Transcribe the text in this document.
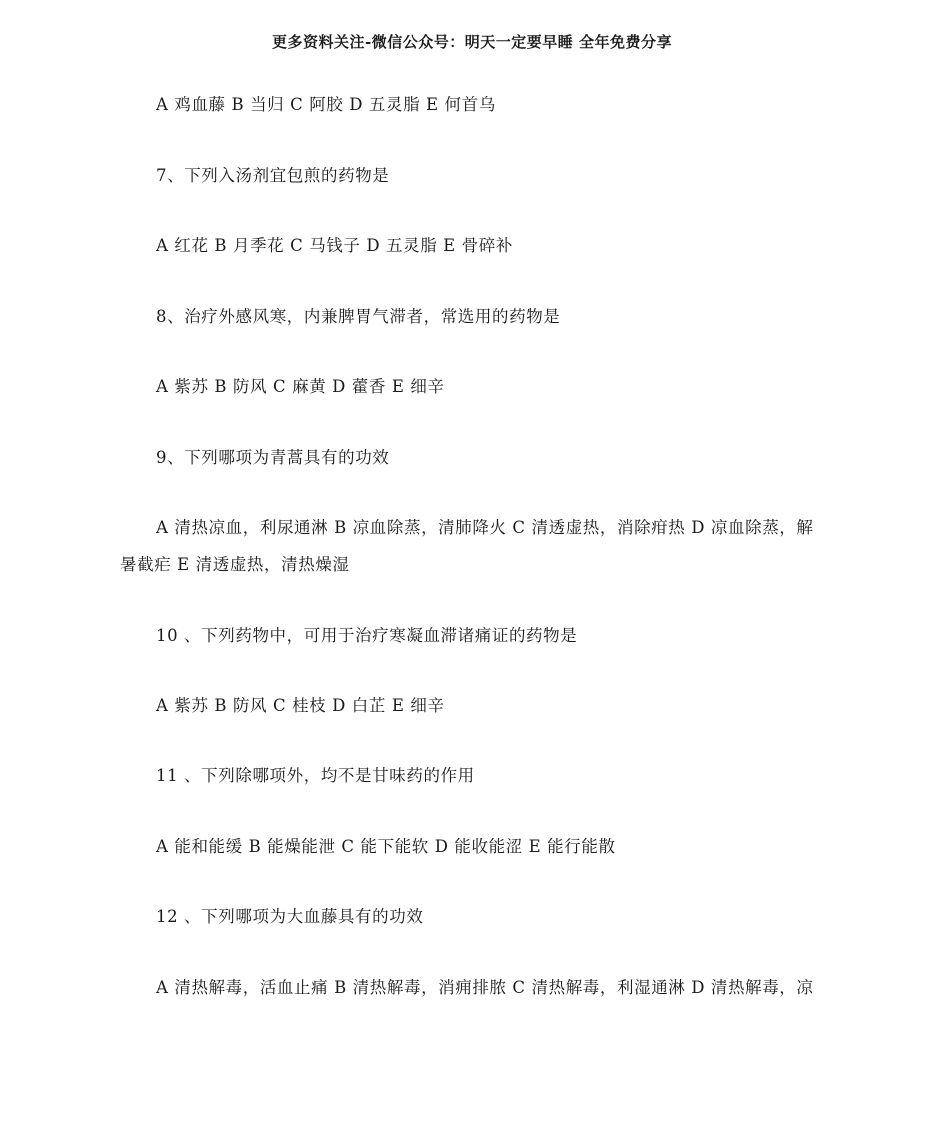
更多资料关注-微信公众号：明天一定要早睡 全年免费分享
A 鸡血藤 B 当归 C 阿胶 D 五灵脂 E 何首乌
7、下列入汤剂宜包煎的药物是
A 红花 B 月季花 C 马钱子 D 五灵脂 E 骨碎补
8、治疗外感风寒，内兼脾胃气滞者，常选用的药物是
A 紫苏 B 防风 C 麻黄 D 藿香 E 细辛
9、下列哪项为青蒿具有的功效
A 清热凉血，利尿通淋 B 凉血除蒸，清肺降火 C 清透虚热，消除疳热 D 凉血除蒸，解暑截疟 E 清透虚热，清热燥湿
10 、下列药物中，可用于治疗寒凝血滞诸痛证的药物是
A 紫苏 B 防风 C 桂枝 D 白芷 E 细辛
11 、下列除哪项外，均不是甘味药的作用
A 能和能缓 B 能燥能泄 C 能下能软 D 能收能涩 E 能行能散
12 、下列哪项为大血藤具有的功效
A 清热解毒，活血止痛 B 清热解毒，消痈排脓 C 清热解毒，利湿通淋 D 清热解毒，凉
